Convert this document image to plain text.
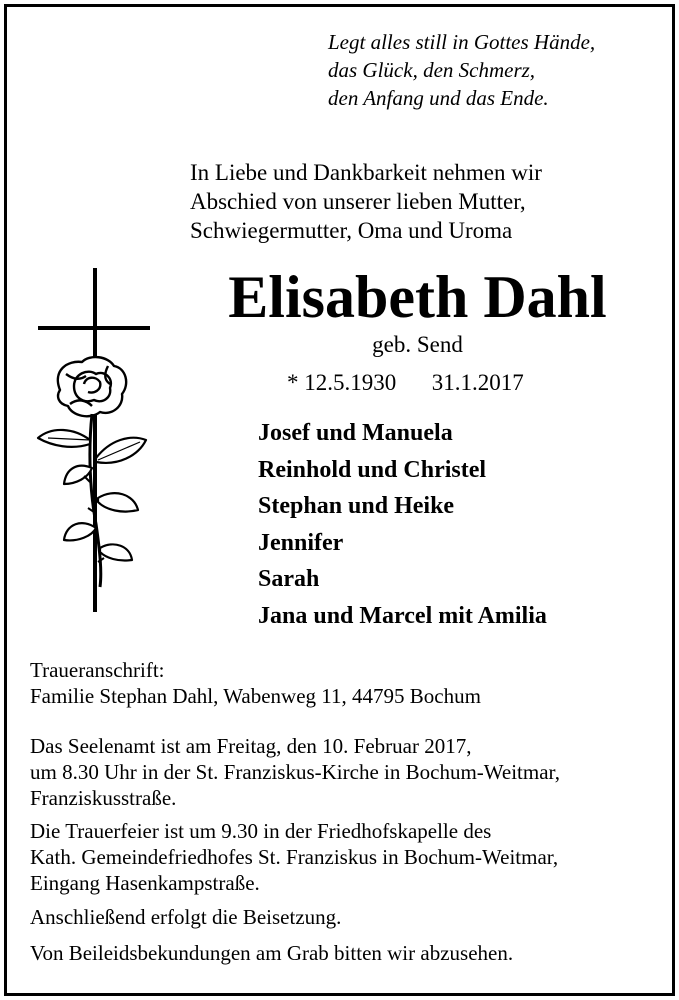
Legt alles still in Gottes Hände,
das Glück, den Schmerz,
den Anfang und das Ende.
In Liebe und Dankbarkeit nehmen wir
Abschied von unserer lieben Mutter,
Schwiegermutter, Oma und Uroma
Elisabeth Dahl
geb. Send
* 12.5.1930 31.1.2017
Josef und Manuela
Reinhold und Christel
Stephan und Heike
Jennifer
Sarah
Jana und Marcel mit Amilia
Traueranschrift:
Familie Stephan Dahl, Wabenweg 11, 44795 Bochum
Das Seelenamt ist am Freitag, den 10. Februar 2017,
um 8.30 Uhr in der St. Franziskus-Kirche in Bochum-Weitmar,
Franziskusstraße.
Die Trauerfeier ist um 9.30 in der Friedhofskapelle des
Kath. Gemeindefriedhofes St. Franziskus in Bochum-Weitmar,
Eingang Hasenkampstraße.
Anschließend erfolgt die Beisetzung.
Von Beileidsbekundungen am Grab bitten wir abzusehen.
